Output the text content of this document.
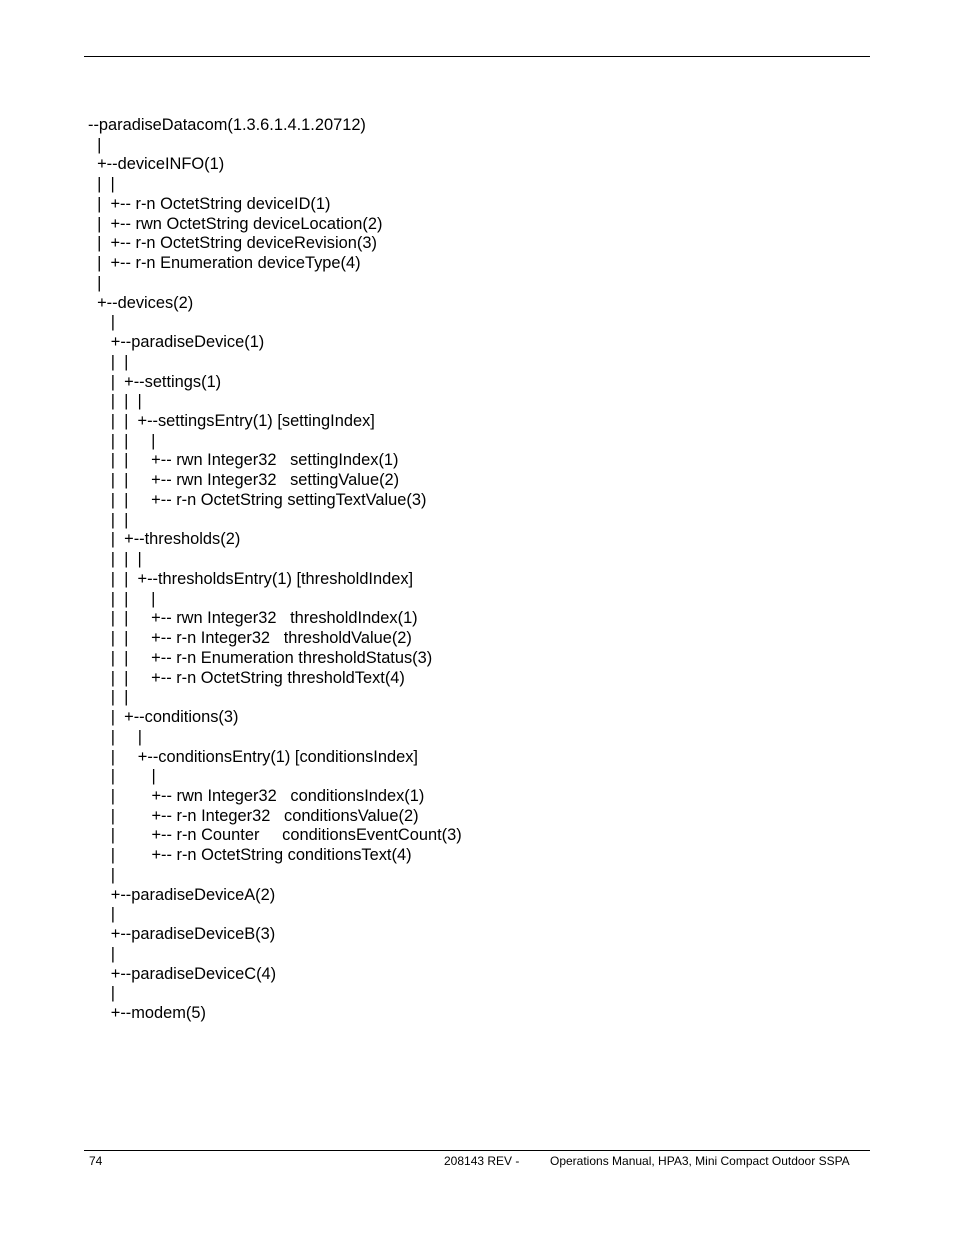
--paradiseDatacom(1.3.6.1.4.1.20712)
|
+--deviceINFO(1)
|  |
|  +-- r-n OctetString deviceID(1)
|  +-- rwn OctetString deviceLocation(2)
|  +-- r-n OctetString deviceRevision(3)
|  +-- r-n Enumeration deviceType(4)
|
+--devices(2)
|
+--paradiseDevice(1)
|  |
|  +--settings(1)
|  |  |
|  |  +--settingsEntry(1) [settingIndex]
|  |     |
|  |     +-- rwn Integer32   settingIndex(1)
|  |     +-- rwn Integer32   settingValue(2)
|  |     +-- r-n OctetString settingTextValue(3)
|  |
|  +--thresholds(2)
|  |  |
|  |  +--thresholdsEntry(1) [thresholdIndex]
|  |     |
|  |     +-- rwn Integer32   thresholdIndex(1)
|  |     +-- r-n Integer32   thresholdValue(2)
|  |     +-- r-n Enumeration thresholdStatus(3)
|  |     +-- r-n OctetString thresholdText(4)
|  |
|  +--conditions(3)
|     |
|     +--conditionsEntry(1) [conditionsIndex]
|        |
|        +-- rwn Integer32   conditionsIndex(1)
|        +-- r-n Integer32   conditionsValue(2)
|        +-- r-n Counter     conditionsEventCount(3)
|        +-- r-n OctetString conditionsText(4)
|
+--paradiseDeviceA(2)
|
+--paradiseDeviceB(3)
|
+--paradiseDeviceC(4)
|
+--modem(5)
74	208143 REV -	Operations Manual, HPA3, Mini Compact Outdoor SSPA
